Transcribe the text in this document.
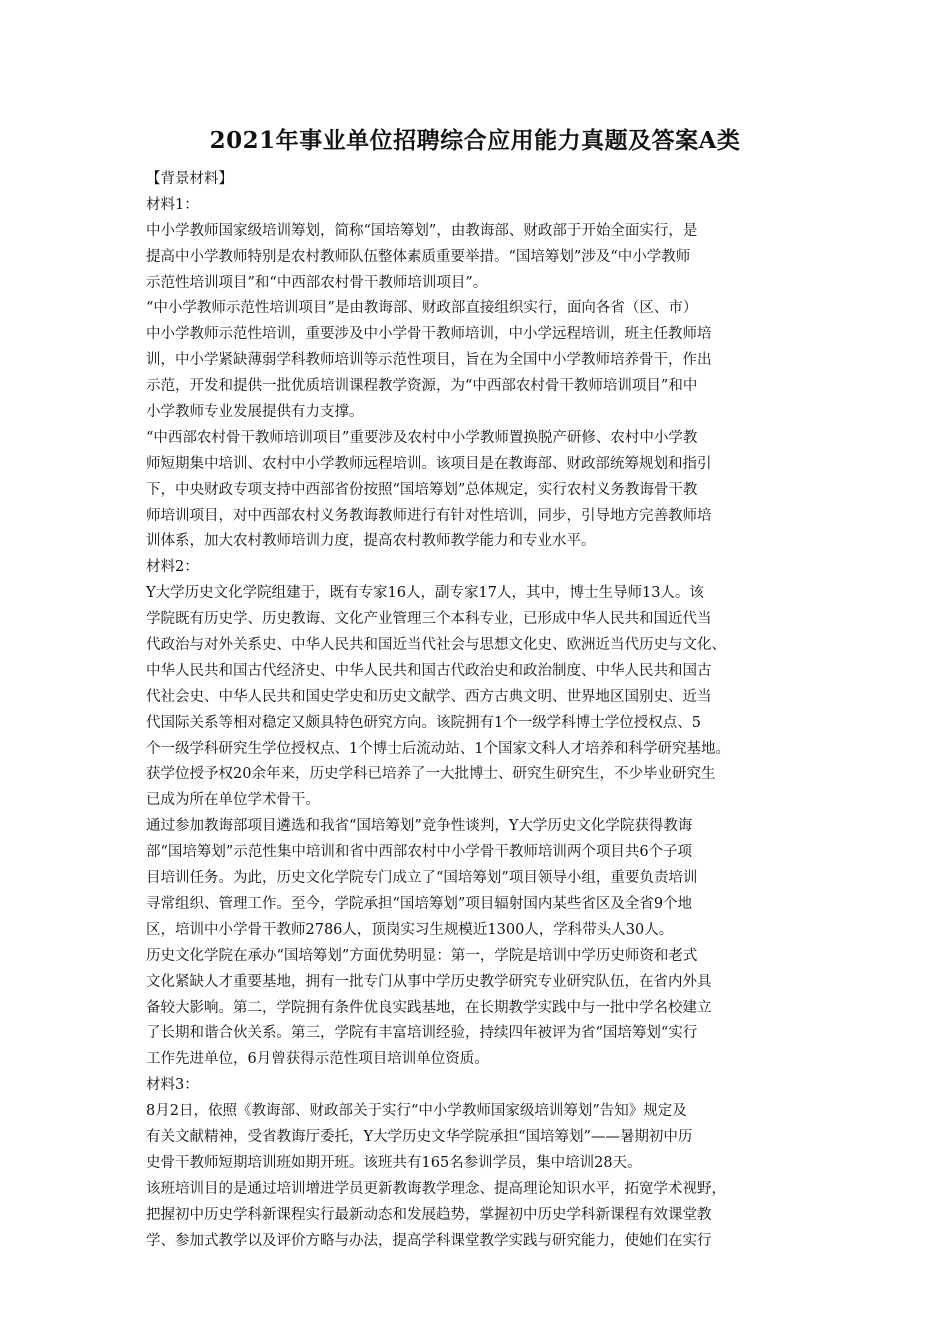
2021年事业单位招聘综合应用能力真题及答案A类
【背景材料】
材料1：
中小学教师国家级培训筹划，简称“国培筹划”，由教诲部、财政部于开始全面实行，是
提高中小学教师特别是农村教师队伍整体素质重要举措。“国培筹划”涉及“中小学教师
示范性培训项目”和“中西部农村骨干教师培训项目”。
“中小学教师示范性培训项目”是由教诲部、财政部直接组织实行，面向各省（区、市）
中小学教师示范性培训，重要涉及中小学骨干教师培训，中小学远程培训，班主任教师培
训，中小学紧缺薄弱学科教师培训等示范性项目，旨在为全国中小学教师培养骨干，作出
示范，开发和提供一批优质培训课程教学资源，为“中西部农村骨干教师培训项目”和中
小学教师专业发展提供有力支撑。
“中西部农村骨干教师培训项目”重要涉及农村中小学教师置换脱产研修、农村中小学教
师短期集中培训、农村中小学教师远程培训。该项目是在教诲部、财政部统筹规划和指引
下，中央财政专项支持中西部省份按照“国培筹划”总体规定，实行农村义务教诲骨干教
师培训项目，对中西部农村义务教诲教师进行有针对性培训，同步，引导地方完善教师培
训体系，加大农村教师培训力度，提高农村教师教学能力和专业水平。
材料2：
Y大学历史文化学院组建于，既有专家16人，副专家17人，其中，博士生导师13人。该
学院既有历史学、历史教诲、文化产业管理三个本科专业，已形成中华人民共和国近代当
代政治与对外关系史、中华人民共和国近当代社会与思想文化史、欧洲近当代历史与文化、
中华人民共和国古代经济史、中华人民共和国古代政治史和政治制度、中华人民共和国古
代社会史、中华人民共和国史学史和历史文献学、西方古典文明、世界地区国别史、近当
代国际关系等相对稳定又颇具特色研究方向。该院拥有1个一级学科博士学位授权点、5
个一级学科研究生学位授权点、1个博士后流动站、1个国家文科人才培养和科学研究基地。
获学位授予权20余年来，历史学科已培养了一大批博士、研究生研究生，不少毕业研究生
已成为所在单位学术骨干。
通过参加教诲部项目遴选和我省“国培筹划”竞争性谈判，Y大学历史文化学院获得教诲
部“国培筹划”示范性集中培训和省中西部农村中小学骨干教师培训两个项目共6个子项
目培训任务。为此，历史文化学院专门成立了“国培筹划”项目领导小组，重要负责培训
寻常组织、管理工作。至今，学院承担“国培筹划”项目辐射国内某些省区及全省9个地
区，培训中小学骨干教师2786人，顶岗实习生规模近1300人，学科带头人30人。
历史文化学院在承办“国培筹划”方面优势明显：第一，学院是培训中学历史师资和老式
文化紧缺人才重要基地，拥有一批专门从事中学历史教学研究专业研究队伍，在省内外具
备较大影响。第二，学院拥有条件优良实践基地，在长期教学实践中与一批中学名校建立
了长期和谐合伙关系。第三，学院有丰富培训经验，持续四年被评为省“国培筹划“实行
工作先进单位，6月曾获得示范性项目培训单位资质。
材料3：
8月2日，依照《教诲部、财政部关于实行“中小学教师国家级培训筹划”告知》规定及
有关文献精神，受省教诲厅委托，Y大学历史文华学院承担“国培筹划”——暑期初中历
史骨干教师短期培训班如期开班。该班共有165名参训学员，集中培训28天。
该班培训目的是通过培训增进学员更新教诲教学理念、提高理论知识水平，拓宽学术视野，
把握初中历史学科新课程实行最新动态和发展趋势，掌握初中历史学科新课程有效课堂教
学、参加式教学以及评价方略与办法，提高学科课堂教学实践与研究能力，使她们在实行
